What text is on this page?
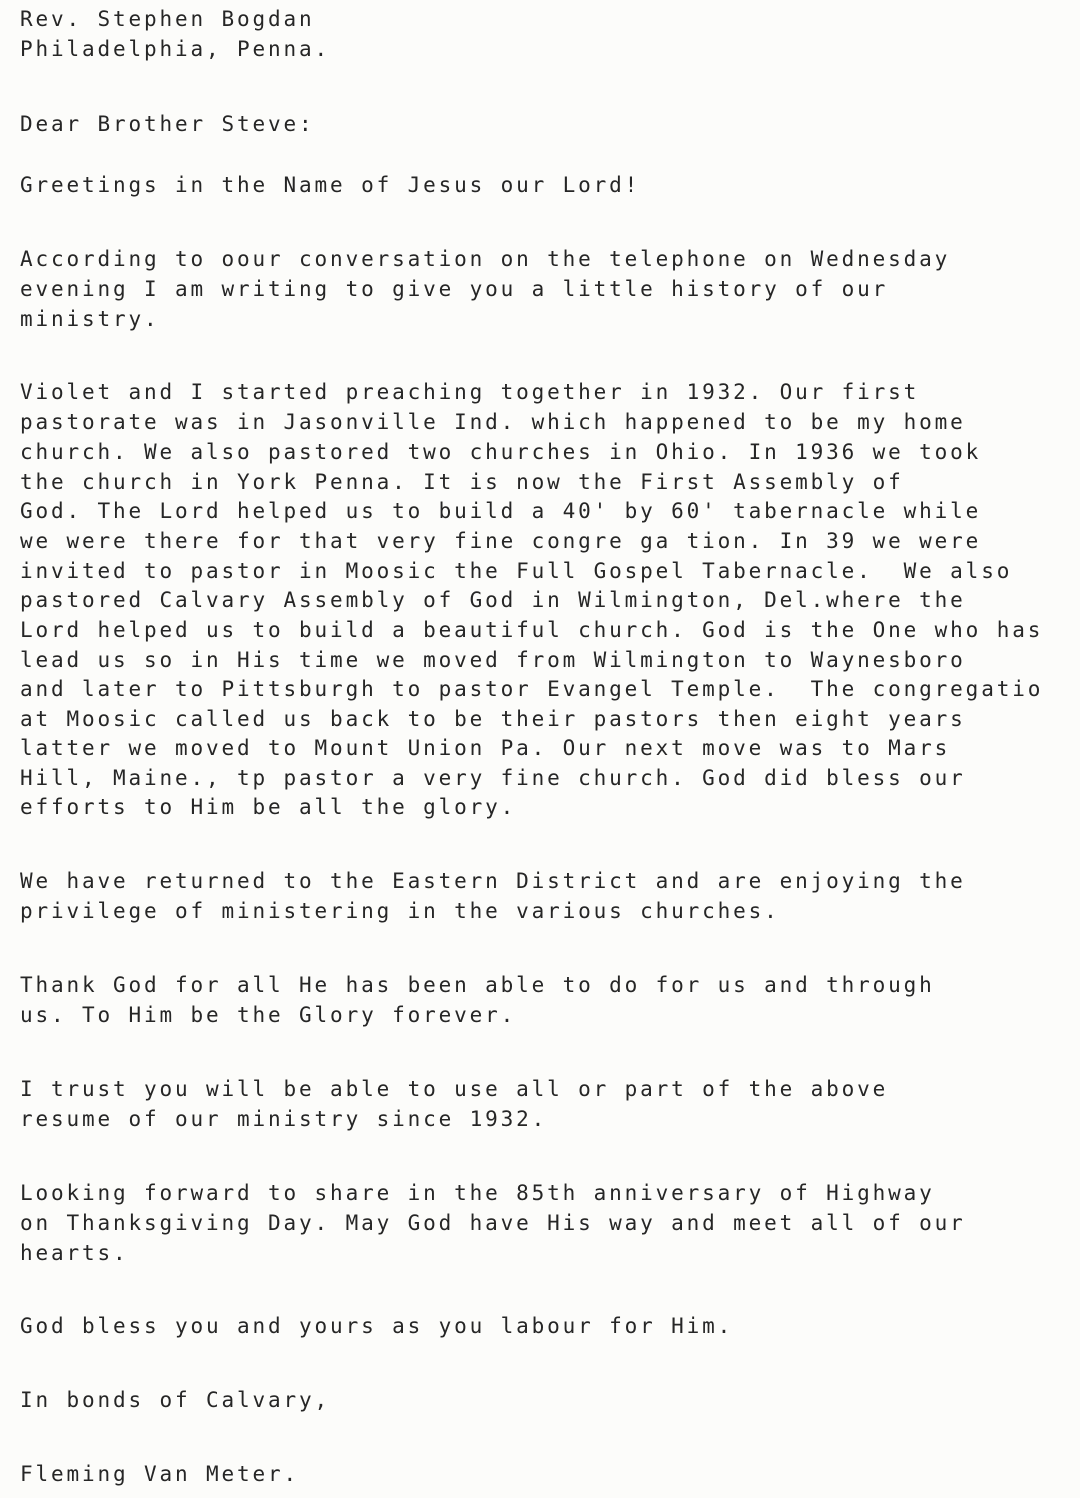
Rev. Stephen Bogdan

Philadelphia, Penna.

Dear Brother Steve:

Greetings in the Name of Jesus our Lord!

According to oour conversation on the telephone on Wednesday

evening I am writing to give you a little history of our

ministry.

Violet and I started preaching together in 1932. Our first

pastorate was in Jasonville Ind. which happened to be my home

church. We also pastored two churches in Ohio. In 1936 we took

the church in York Penna. It is now the First Assembly of

God. The Lord helped us to build a 40' by 60' tabernacle while

we were there for that very fine congre ga tion. In 39 we were

invited to pastor in Moosic the Full Gospel Tabernacle.  We also

pastored Calvary Assembly of God in Wilmington, Del.where the

Lord helped us to build a beautiful church. God is the One who has

lead us so in His time we moved from Wilmington to Waynesboro

and later to Pittsburgh to pastor Evangel Temple.  The congregatio

at Moosic called us back to be their pastors then eight years

latter we moved to Mount Union Pa. Our next move was to Mars

Hill, Maine., tp pastor a very fine church. God did bless our

efforts to Him be all the glory.

We have returned to the Eastern District and are enjoying the

privilege of ministering in the various churches.

Thank God for all He has been able to do for us and through

us. To Him be the Glory forever.

I trust you will be able to use all or part of the above

resume of our ministry since 1932.

Looking forward to share in the 85th anniversary of Highway

on Thanksgiving Day. May God have His way and meet all of our

hearts.

God bless you and yours as you labour for Him.

In bonds of Calvary,

Fleming Van Meter.
